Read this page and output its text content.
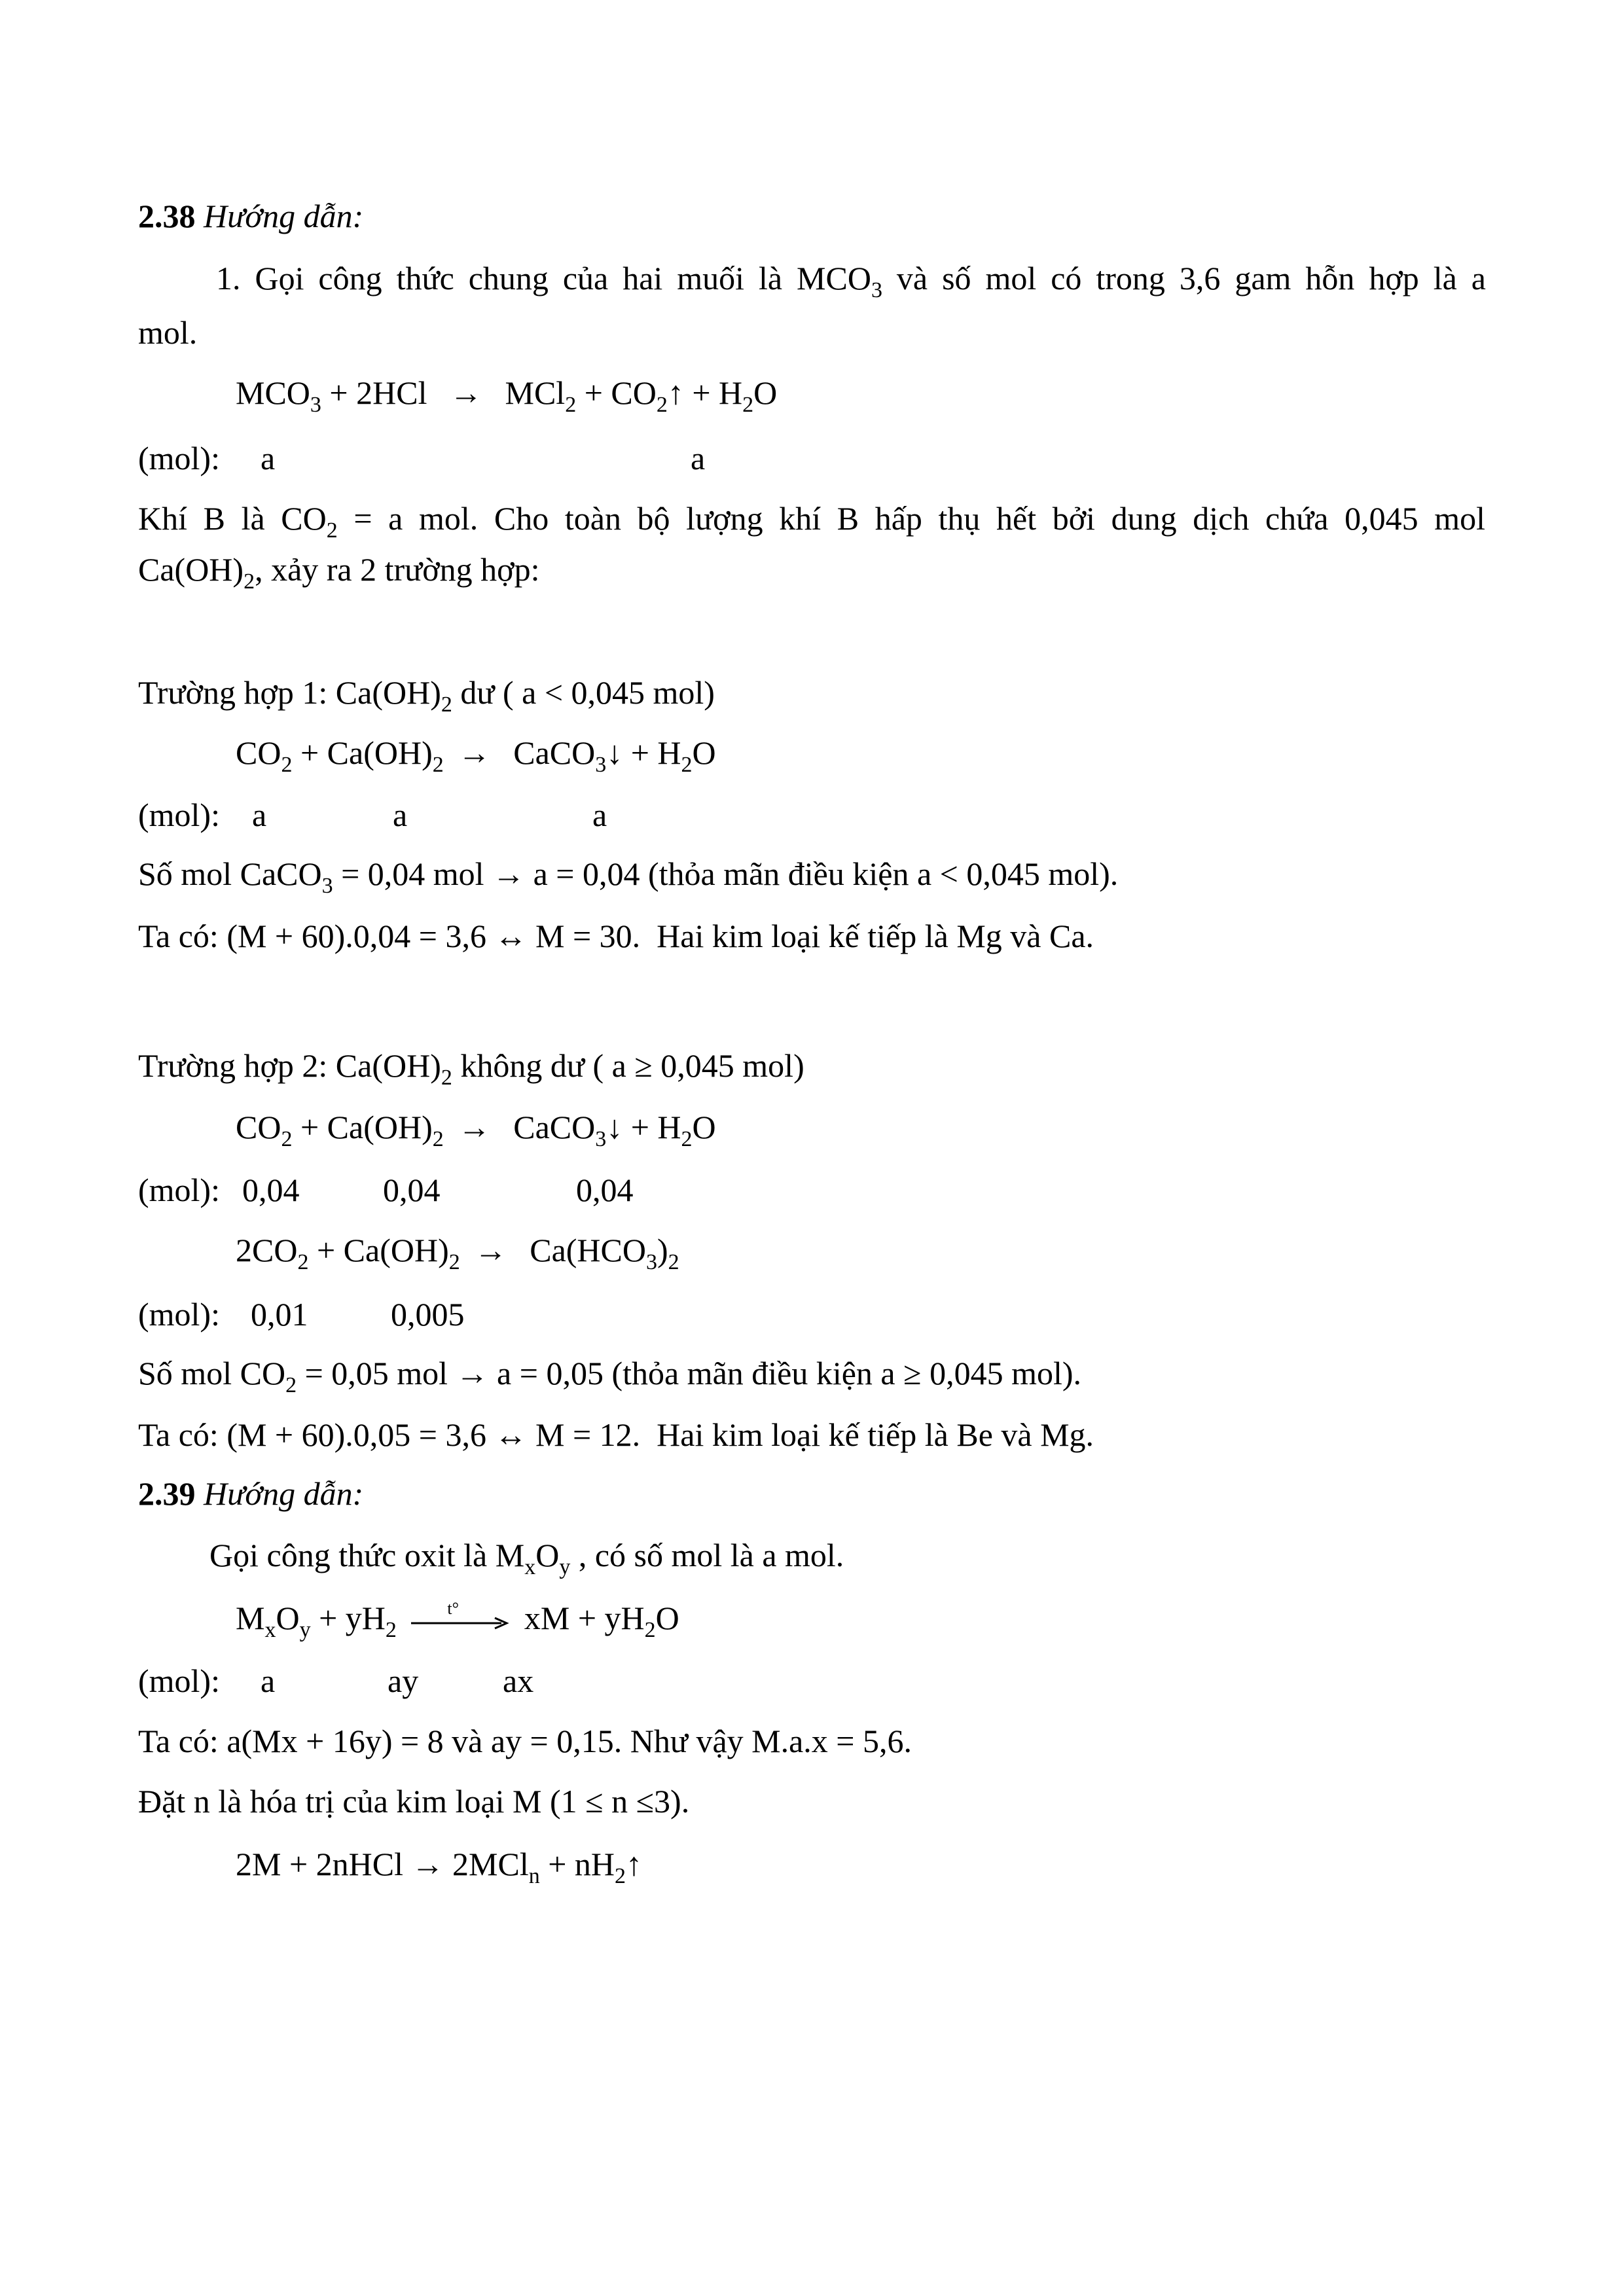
2.38 Hướng dẫn:
1. Gọi công thức chung của hai muối là $MCO_3$ và số mol có trong 3,6 gam hỗn hợp là a
mol.
$MCO_3 + 2HCl \to MCl_2$ + $CO_2↑ + H_2O$
(mol): a	a
Khí B là $CO_2 = a$ mol. Cho toàn bộ lượng khí B hấp thụ hết bởi dung dịch chứa 0,045 mol
$Ca(OH)_2$, xảy ra 2 trường hợp:
Trường hợp 1: $Ca(OH)_2$ dư ( a < 0,045 mol)
$CO_2 + Ca(OH)_2$ → CaCO$_3$↓ + $H_2O$
(mol): a	a	a
Số mol CaCO$_3$ = 0,04 mol → a = 0,04 (thỏa mãn điều kiện a < 0,045 mol).
Ta có: (M + 60).0,04 = 3,6 ↔ M = 30.  Hai kim loại kế tiếp là Mg và Ca.
Trường hợp 2: $Ca(OH)_2$ không dư ( a ≥ 0,045 mol)
$CO_2 + Ca(OH)_2$ → CaCO$_3$↓ + $H_2O$
(mol): 0,04	0,04	0,04
$2CO_2 + Ca(OH)_2 \to Ca(HCO_3)_2$
(mol): 0,01	0,005
Số mol $CO_2 = 0,05$ mol → a = 0,05 (thỏa mãn điều kiện a ≥ 0,045 mol).
Ta có: (M + 60).0,05 = 3,6 ↔ M = 12.  Hai kim loại kế tiếp là Be và Mg.
2.39 Hướng dẫn:
Gọi công thức oxit là $M_xO_y$ , có số mol là a mol.
$M_xO_y + yH_2$
t° xM + $yH_2O$
(mol): a	ay	ax
Ta có: a(Mx + 16y) = 8 và ay = 0,15. Như vậy M.a.x = 5,6.
Đặt n là hóa trị của kim loại M (1 ≤ n ≤3).
2M + 2nHCl → $2MCl_n + nH_2↑$
